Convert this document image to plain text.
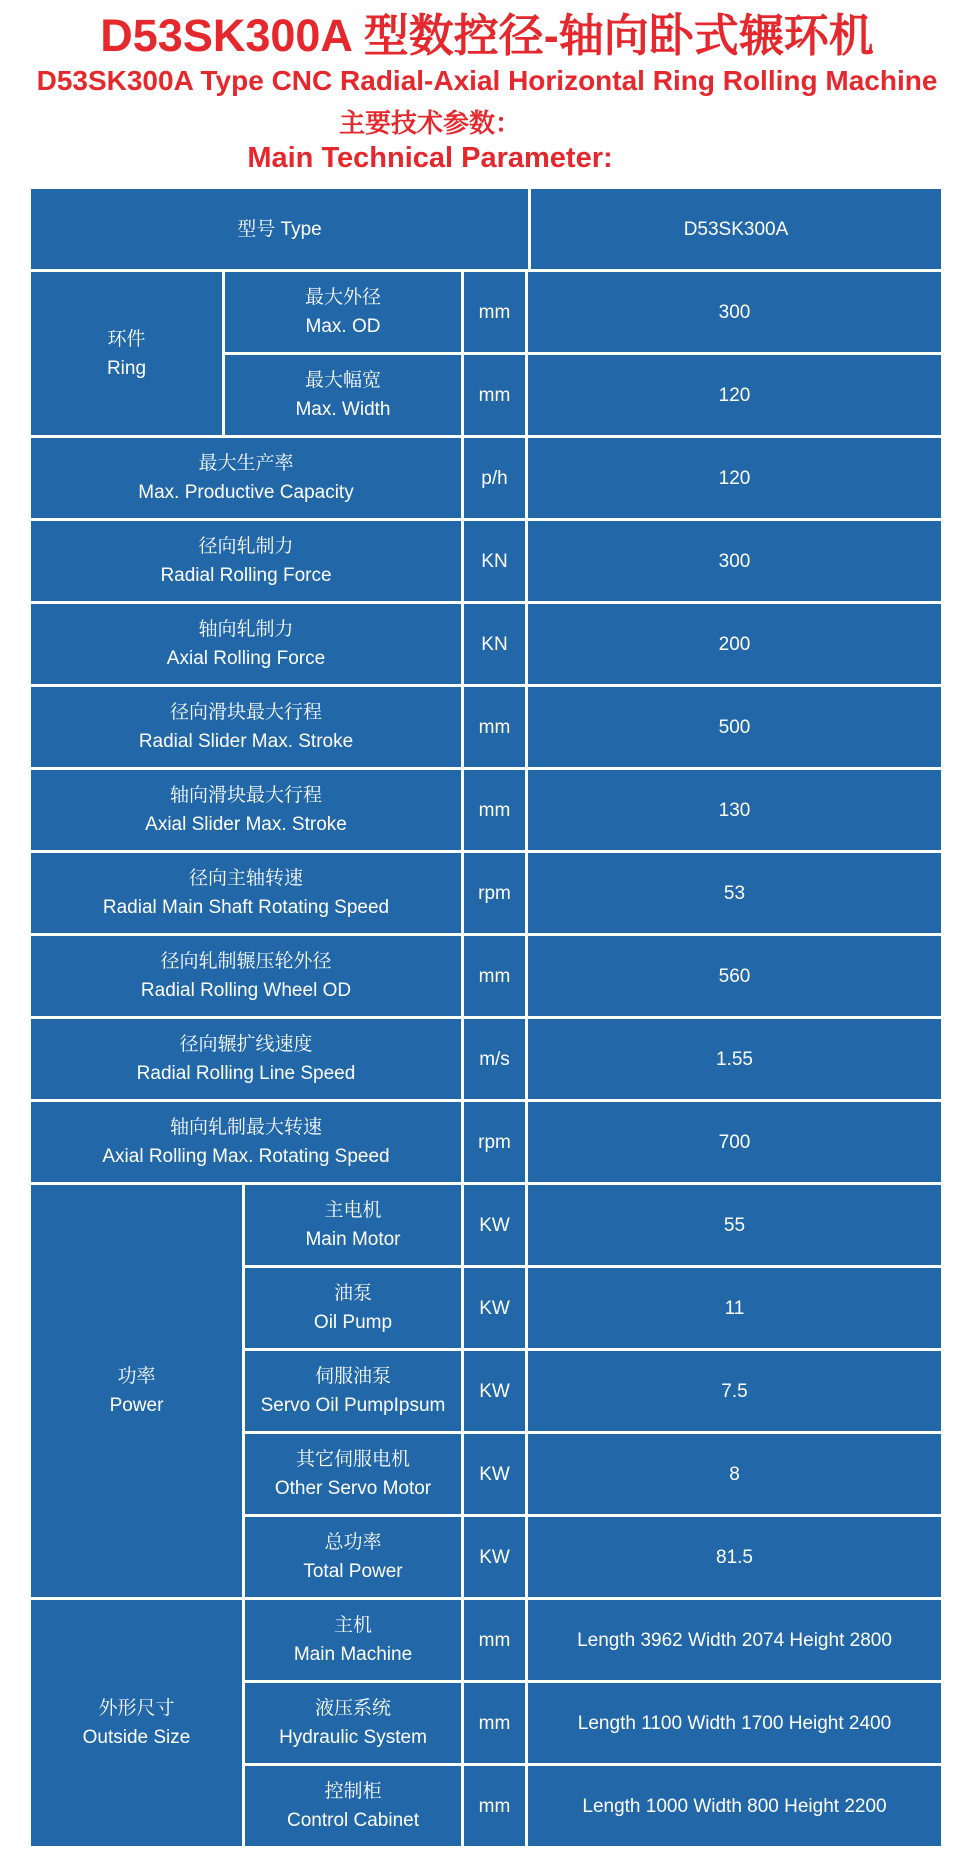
D53SK300A 型数控径-轴向卧式辗环机
D53SK300A Type CNC Radial-Axial Horizontal Ring Rolling Machine
主要技术参数：
Main Technical Parameter:
型号 Type	D53SK300A
环件
Ring
最大外径
Max. OD
mm	300
最大幅宽
Max. Width
mm	120
最大生产率
Max. Productive Capacity
p/h	120
径向轧制力
Radial Rolling Force
KN	300
轴向轧制力
Axial Rolling Force
KN	200
径向滑块最大行程
Radial Slider Max. Stroke
mm	500
轴向滑块最大行程
Axial Slider Max. Stroke
mm	130
径向主轴转速
Radial Main Shaft Rotating Speed
rpm	53
径向轧制辗压轮外径
Radial Rolling Wheel OD
mm	560
径向辗扩线速度
Radial Rolling Line Speed
m/s	1.55
轴向轧制最大转速
Axial Rolling Max. Rotating Speed
rpm	700
功率
Power
主电机
Main Motor
KW	55
油泵
Oil Pump
KW	11
伺服油泵
Servo Oil PumpIpsum
KW	7.5
其它伺服电机
Other Servo Motor
KW	8
总功率
Total Power
KW	81.5
外形尺寸
Outside Size
主机
Main Machine
mm	Length 3962 Width 2074 Height 2800
液压系统
Hydraulic System
mm	Length 1100 Width 1700 Height 2400
控制柜
Control Cabinet
mm	Length 1000 Width 800 Height 2200
